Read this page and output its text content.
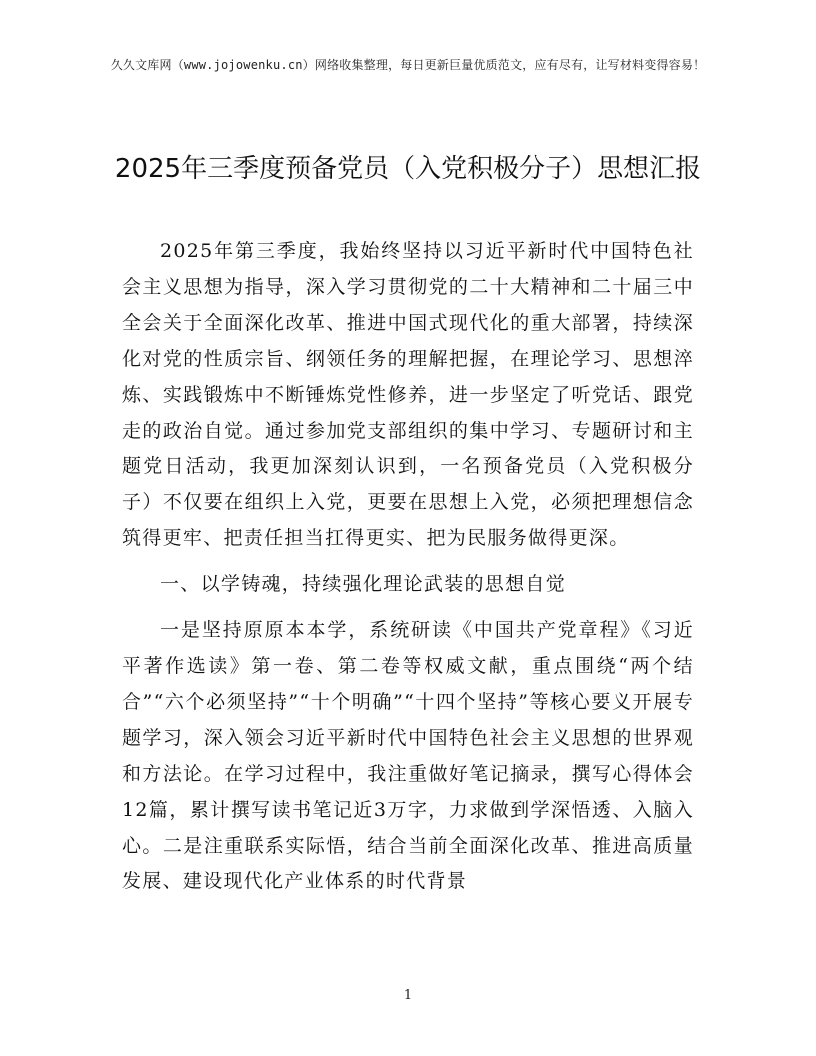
久久文库网（www.jojowenku.cn）网络收集整理，每日更新巨量优质范文，应有尽有，让写材料变得容易！
2025年三季度预备党员（入党积极分子）思想汇报

2025年第三季度，我始终坚持以习近平新时代中国特色社会主义思想为指导，深入学习贯彻党的二十大精神和二十届三中全会关于全面深化改革、推进中国式现代化的重大部署，持续深化对党的性质宗旨、纲领任务的理解把握，在理论学习、思想淬炼、实践锻炼中不断锤炼党性修养，进一步坚定了听党话、跟党走的政治自觉。通过参加党支部组织的集中学习、专题研讨和主题党日活动，我更加深刻认识到，一名预备党员（入党积极分子）不仅要在组织上入党，更要在思想上入党，必须把理想信念筑得更牢、把责任担当扛得更实、把为民服务做得更深。

一、以学铸魂，持续强化理论武装的思想自觉

一是坚持原原本本学，系统研读《中国共产党章程》《习近平著作选读》第一卷、第二卷等权威文献，重点围绕“两个结合”“六个必须坚持”“十个明确”“十四个坚持”等核心要义开展专题学习，深入领会习近平新时代中国特色社会主义思想的世界观和方法论。在学习过程中，我注重做好笔记摘录，撰写心得体会12篇，累计撰写读书笔记近3万字，力求做到学深悟透、入脑入心。二是注重联系实际悟，结合当前全面深化改革、推进高质量发展、建设现代化产业体系的时代背景

1
